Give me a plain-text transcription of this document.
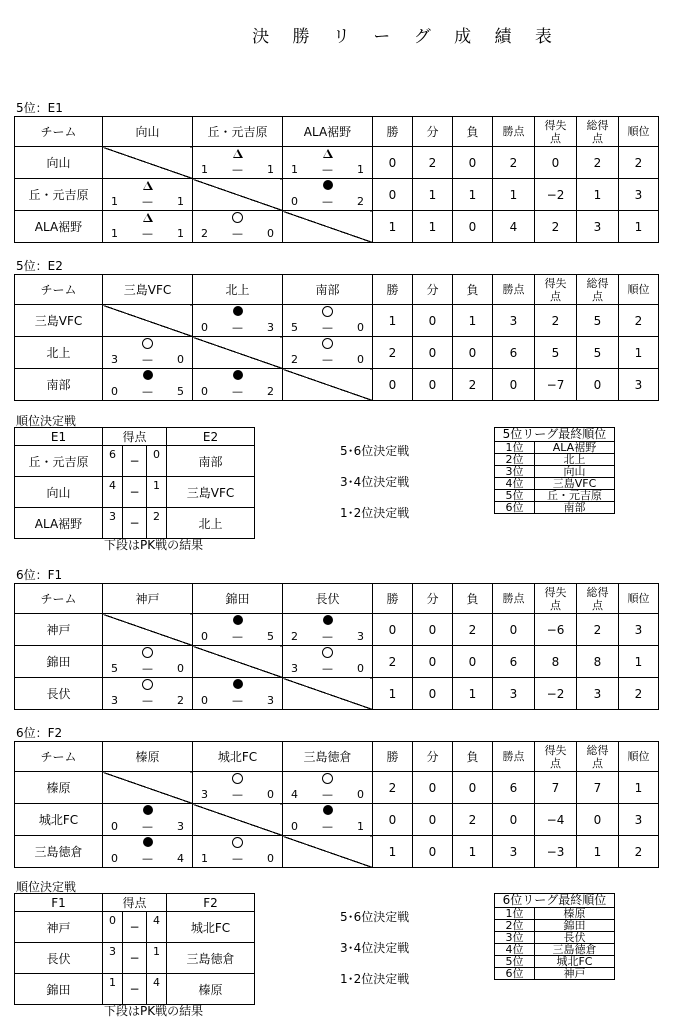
決 勝 リ ー グ 成 績 表
5位：E1
チーム	向山	丘・元吉原	ALA裾野	勝	分	負	勝点	得失点	総得点	順位

向山		1 — 1	1 — 1	0	2	0	2	0	2	2
丘・元吉原	1 — 1		0 — 2	0	1	1	1	−2	1	3
ALA裾野	1 — 1	2 — 0		1	1	0	4	2	3	1
5位：E2
チーム	三島VFC	北上	南部	勝	分	負	勝点	得失点	総得点	順位

三島VFC		0 — 3	5 — 0	1	0	1	3	2	5	2
北上	3 — 0		2 — 0	2	0	0	6	5	5	1
南部	0 — 5	0 — 2		0	0	2	0	−7	0	3
6位：F1
チーム	神戸	錦田	長伏	勝	分	負	勝点	得失点	総得点	順位

神戸		0 — 5	2 — 3	0	0	2	0	−6	2	3
錦田	5 — 0		3 — 0	2	0	0	6	8	8	1
長伏	3 — 2	0 — 3		1	0	1	3	−2	3	2
6位：F2
チーム	榛原	城北FC	三島徳倉	勝	分	負	勝点	得失点	総得点	順位

榛原		3 — 0	4 — 0	2	0	0	6	7	7	1
城北FC	0 — 3		0 — 1	0	0	2	0	−4	0	3
三島徳倉	0 — 4	1 — 0		1	0	1	3	−3	1	2
順位決定戦
E1	得点			E2
丘・元吉原	6	−	0	南部
向山	4	−	1	三島VFC
ALA裾野	3	−	2	北上
5･6位決定戦
3･4位決定戦
1･2位決定戦
下段はPK戦の結果
5位リーグ最終順位	
1位	ALA裾野
2位	北上
3位	向山
4位	三島VFC
5位	丘・元吉原
6位	南部
順位決定戦
F1	得点			F2
神戸	0	−	4	城北FC
長伏	3	−	1	三島徳倉
錦田	1	−	4	榛原
5･6位決定戦
3･4位決定戦
1･2位決定戦
下段はPK戦の結果
6位リーグ最終順位	
1位	榛原
2位	錦田
3位	長伏
4位	三島徳倉
5位	城北FC
6位	神戸
